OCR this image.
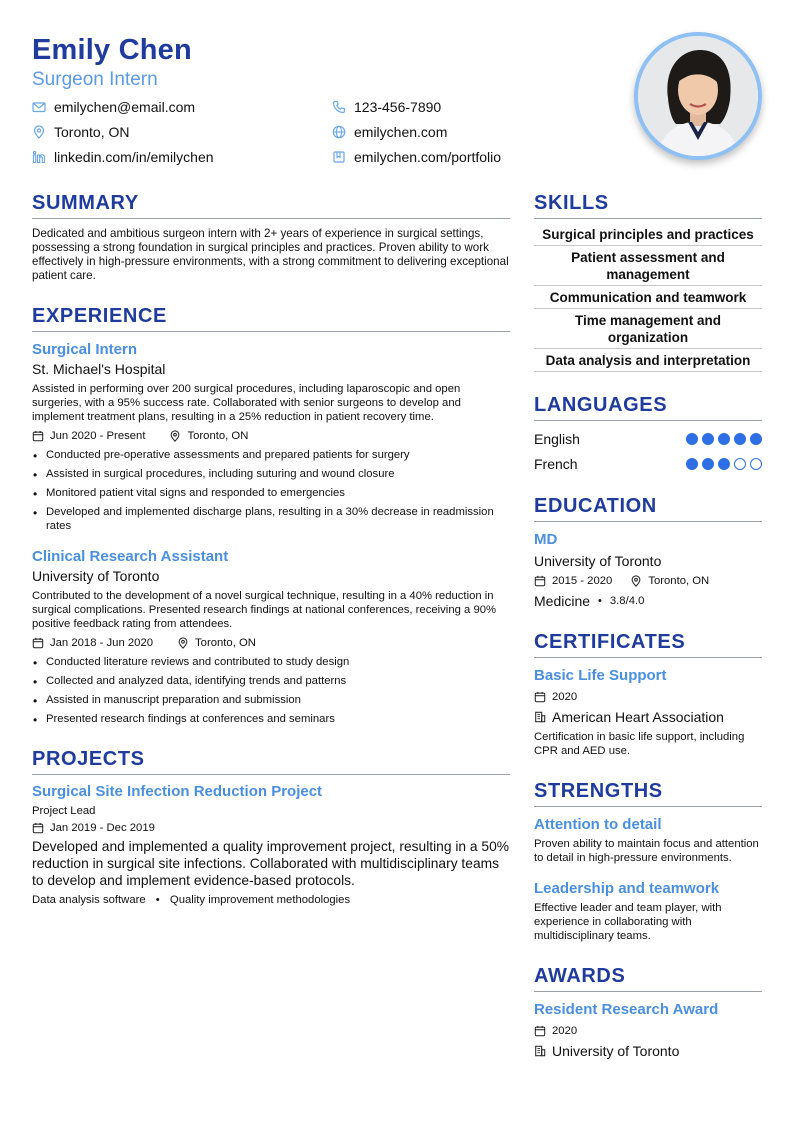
Emily Chen
Surgeon Intern
emilychen@email.com	123-456-7890
Toronto, ON	emilychen.com
linkedin.com/in/emilychen	emilychen.com/portfolio
SUMMARY
Dedicated and ambitious surgeon intern with 2+ years of experience in surgical settings, possessing a strong foundation in surgical principles and practices. Proven ability to work effectively in high-pressure environments, with a strong commitment to delivering exceptional patient care.
EXPERIENCE
Surgical Intern
St. Michael's Hospital
Assisted in performing over 200 surgical procedures, including laparoscopic and open surgeries, with a 95% success rate. Collaborated with senior surgeons to develop and implement treatment plans, resulting in a 25% reduction in patient recovery time.
Jun 2020 - Present	Toronto, ON
• Conducted pre-operative assessments and prepared patients for surgery
• Assisted in surgical procedures, including suturing and wound closure
• Monitored patient vital signs and responded to emergencies
• Developed and implemented discharge plans, resulting in a 30% decrease in readmission rates
Clinical Research Assistant
University of Toronto
Contributed to the development of a novel surgical technique, resulting in a 40% reduction in surgical complications. Presented research findings at national conferences, receiving a 90% positive feedback rating from attendees.
Jan 2018 - Jun 2020	Toronto, ON
• Conducted literature reviews and contributed to study design
• Collected and analyzed data, identifying trends and patterns
• Assisted in manuscript preparation and submission
• Presented research findings at conferences and seminars
PROJECTS
Surgical Site Infection Reduction Project
Project Lead
Jan 2019 - Dec 2019
Developed and implemented a quality improvement project, resulting in a 50% reduction in surgical site infections. Collaborated with multidisciplinary teams to develop and implement evidence-based protocols.
Data analysis software • Quality improvement methodologies
SKILLS
Surgical principles and practices
Patient assessment and management
Communication and teamwork
Time management and organization
Data analysis and interpretation
LANGUAGES
English
French
EDUCATION
MD
University of Toronto
2015 - 2020	Toronto, ON
Medicine • 3.8/4.0
CERTIFICATES
Basic Life Support
2020
American Heart Association
Certification in basic life support, including CPR and AED use.
STRENGTHS
Attention to detail
Proven ability to maintain focus and attention to detail in high-pressure environments.
Leadership and teamwork
Effective leader and team player, with experience in collaborating with multidisciplinary teams.
AWARDS
Resident Research Award
2020
University of Toronto
